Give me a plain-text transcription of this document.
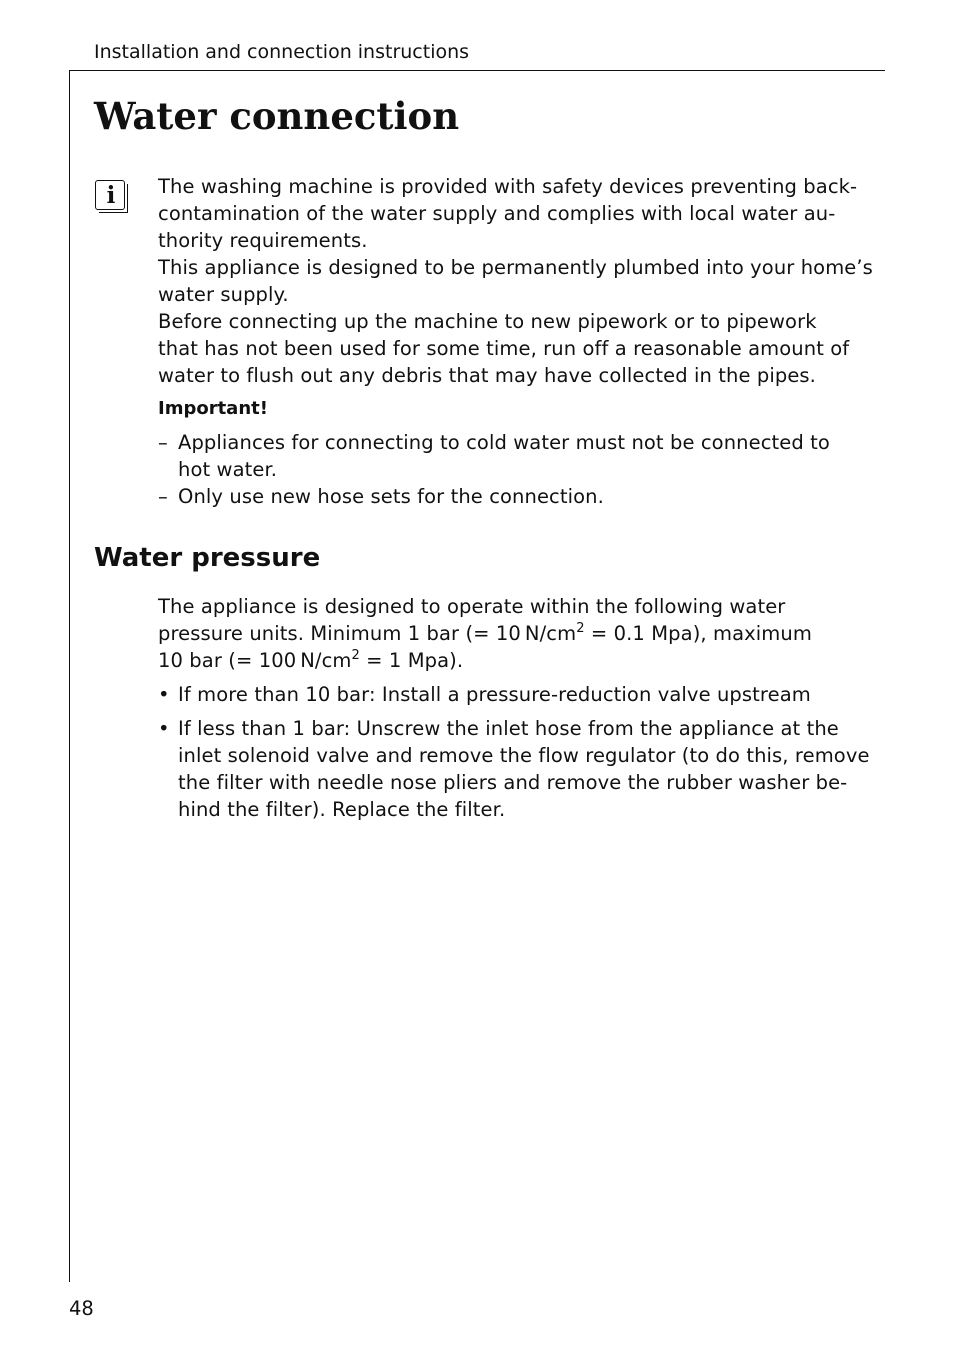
Installation and connection instructions
Water connection
i	The washing machine is provided with safety devices preventing back-
contamination of the water supply and complies with local water au-
thority requirements.
This appliance is designed to be permanently plumbed into your home’s
water supply.
Before connecting up the machine to new pipework or to pipework
that has not been used for some time, run off a reasonable amount of
water to flush out any debris that may have collected in the pipes.

Important!
– Appliances for connecting to cold water must not be connected to
hot water.
– Only use new hose sets for the connection.
Water pressure

The appliance is designed to operate within the following water
pressure units. Minimum 1 bar (= 10 $N/cm^2 = 0.1$ Mpa), maximum
10 bar (= 100 $N/cm^2 = 1$ Mpa).

• If more than 10 bar: Install a pressure-reduction valve upstream
• If less than 1 bar: Unscrew the inlet hose from the appliance at the
inlet solenoid valve and remove the flow regulator (to do this, remove
the filter with needle nose pliers and remove the rubber washer be-
hind the filter). Replace the filter.
48
